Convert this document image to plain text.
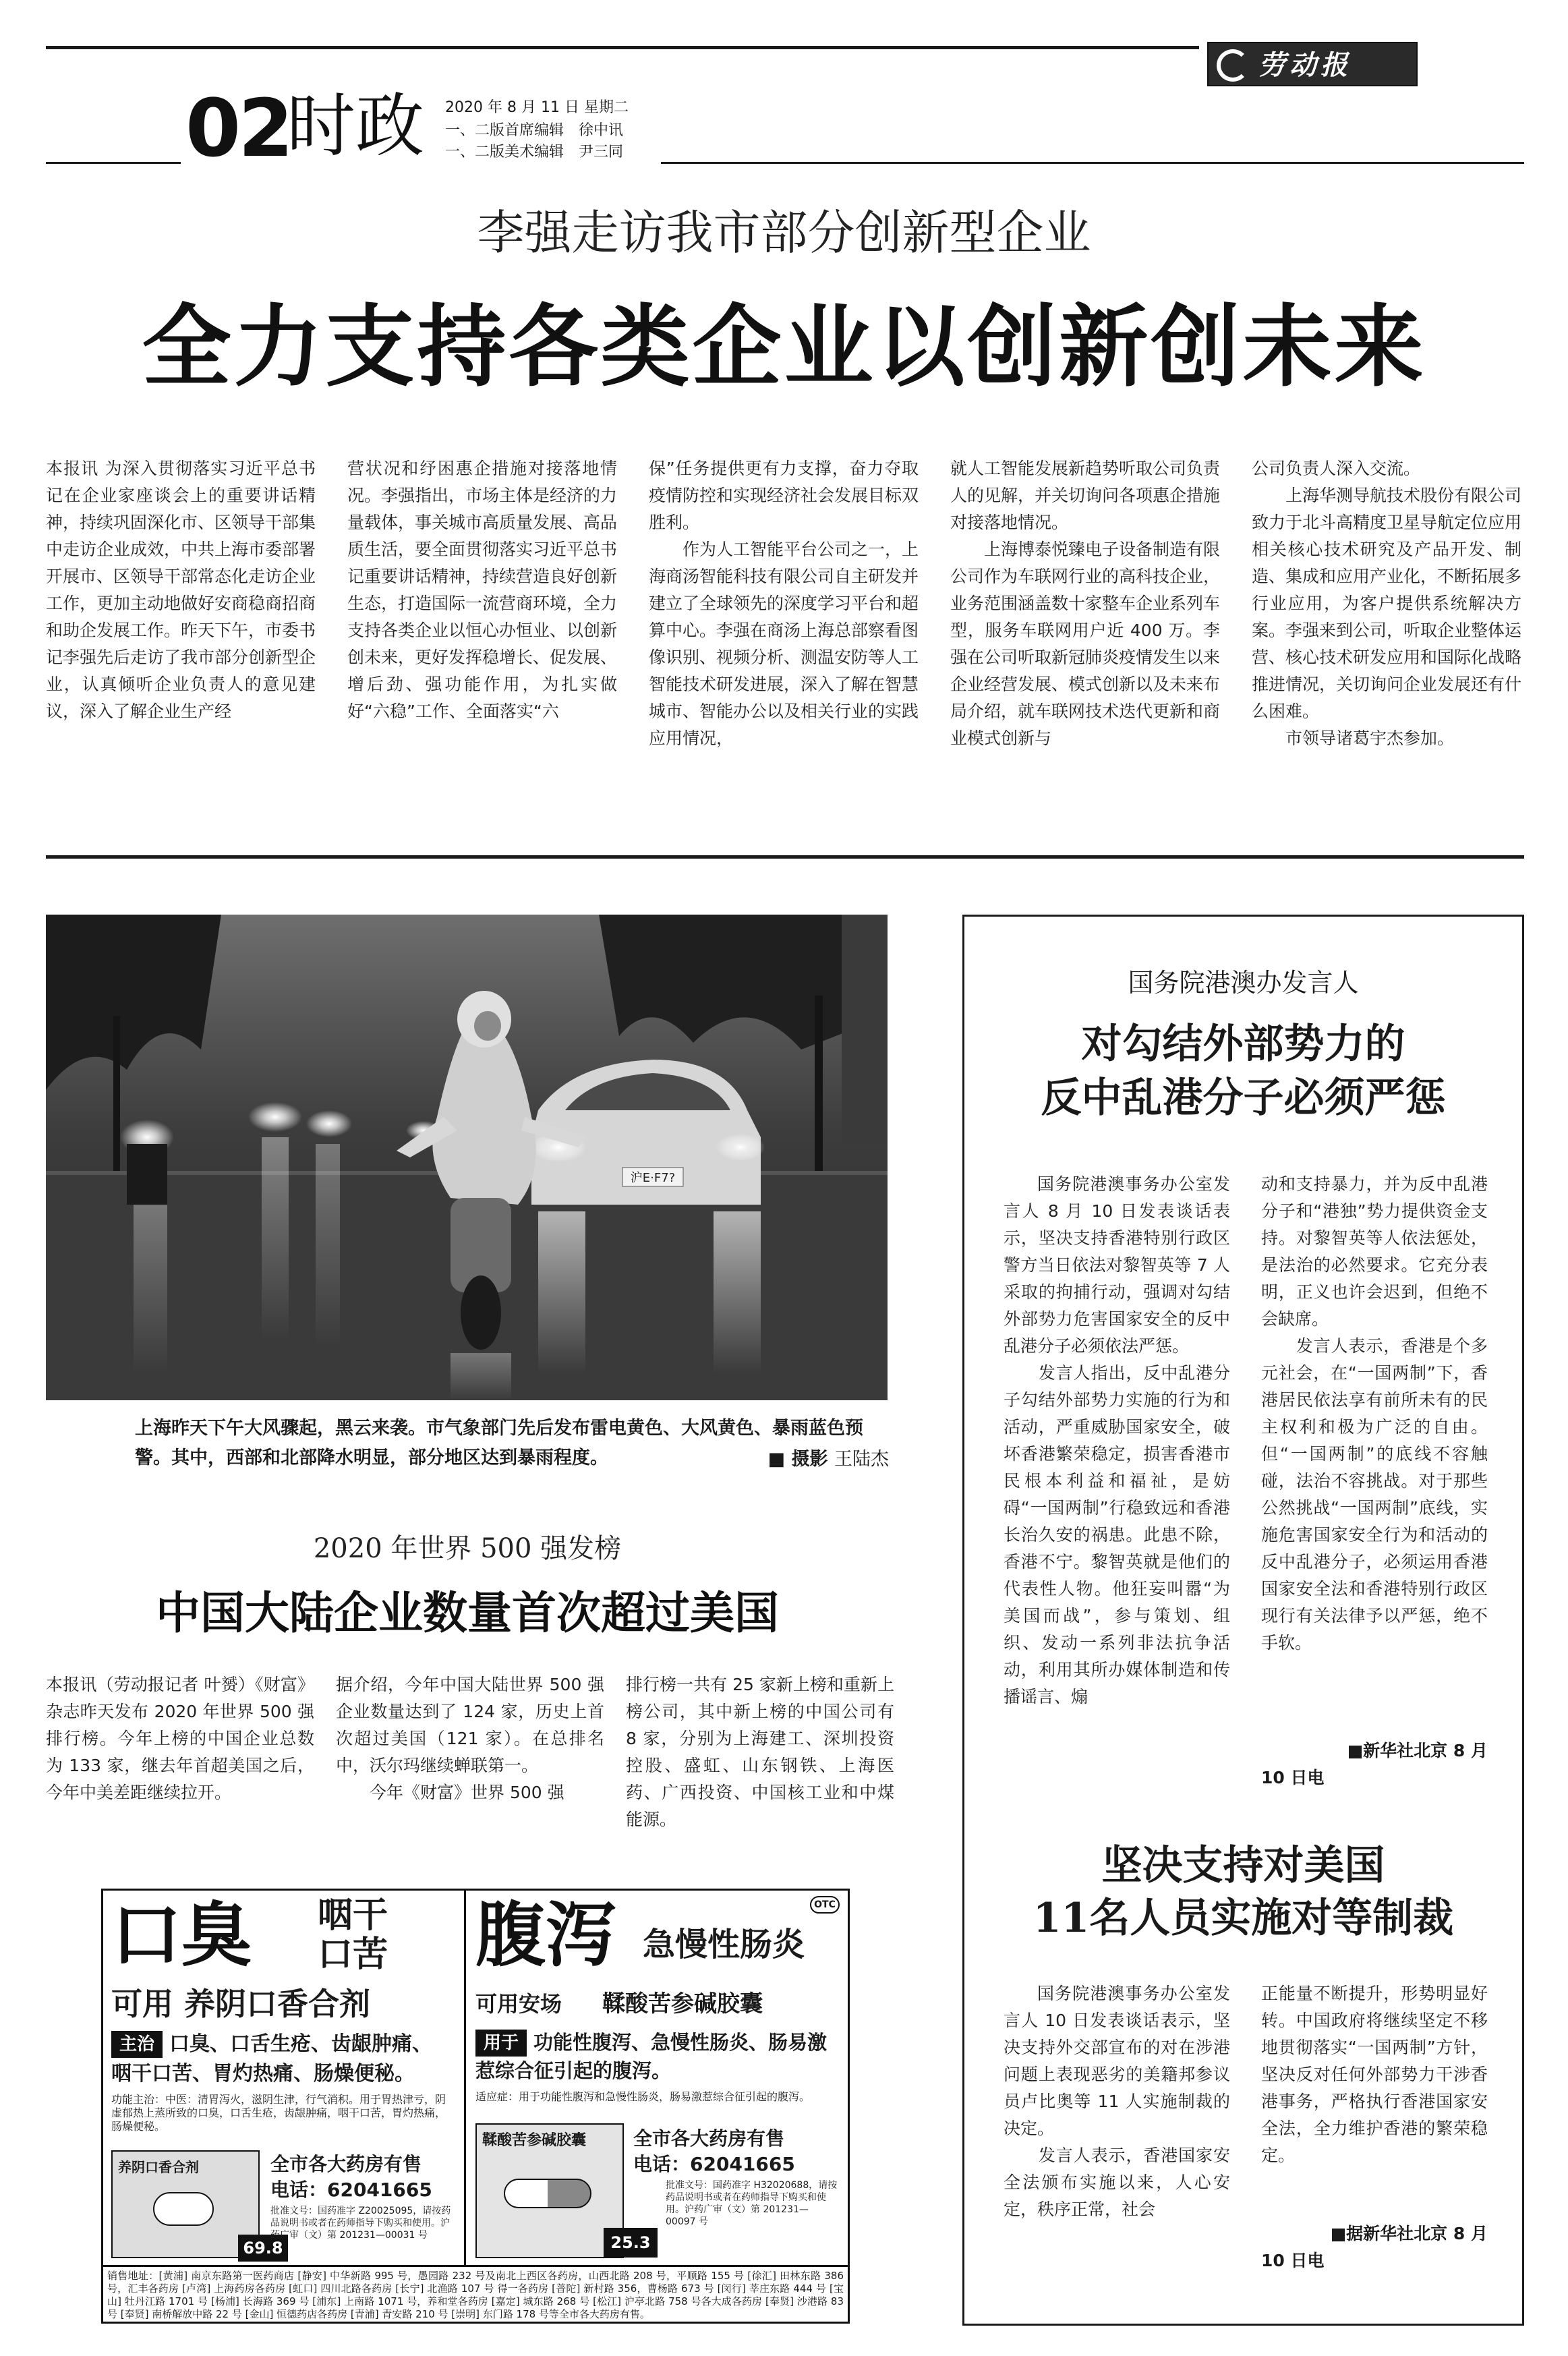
劳动报
02
时政 2020 年 8 月 11 日 星期二
一、二版首席编辑　徐中讯
一、二版美术编辑　尹三同
李强走访我市部分创新型企业
全力支持各类企业以创新创未来
本报讯 为深入贯彻落实习近平总书记在企业家座谈会上的重要讲话精神，持续巩固深化市、区领导干部集中走访企业成效，中共上海市委部署开展市、区领导干部常态化走访企业工作，更加主动地做好安商稳商招商和助企发展工作。昨天下午，市委书记李强先后走访了我市部分创新型企业，认真倾听企业负责人的意见建议，深入了解企业生产经
营状况和纾困惠企措施对接落地情况。李强指出，市场主体是经济的力量载体，事关城市高质量发展、高品质生活，要全面贯彻落实习近平总书记重要讲话精神，持续营造良好创新生态，打造国际一流营商环境，全力支持各类企业以恒心办恒业、以创新创未来，更好发挥稳增长、促发展、增后劲、强功能作用，为扎实做好“六稳”工作、全面落实“六
保”任务提供更有力支撑，奋力夺取疫情防控和实现经济社会发展目标双胜利。
　　作为人工智能平台公司之一，上海商汤智能科技有限公司自主研发并建立了全球领先的深度学习平台和超算中心。李强在商汤上海总部察看图像识别、视频分析、测温安防等人工智能技术研发进展，深入了解在智慧城市、智能办公以及相关行业的实践应用情况，
就人工智能发展新趋势听取公司负责人的见解，并关切询问各项惠企措施对接落地情况。
　　上海博泰悦臻电子设备制造有限公司作为车联网行业的高科技企业，业务范围涵盖数十家整车企业系列车型，服务车联网用户近 400 万。李强在公司听取新冠肺炎疫情发生以来企业经营发展、模式创新以及未来布局介绍，就车联网技术迭代更新和商业模式创新与
公司负责人深入交流。
　　上海华测导航技术股份有限公司致力于北斗高精度卫星导航定位应用相关核心技术研究及产品开发、制造、集成和应用产业化，不断拓展多行业应用，为客户提供系统解决方案。李强来到公司，听取企业整体运营、核心技术研发应用和国际化战略推进情况，关切询问企业发展还有什么困难。
　　市领导诸葛宇杰参加。
沪E·F7?
上海昨天下午大风骤起，黑云来袭。市气象部门先后发布雷电黄色、大风黄色、暴雨蓝色预警。其中，西部和北部降水明显，部分地区达到暴雨程度。	■ 摄影 王陆杰
2020 年世界 500 强发榜
中国大陆企业数量首次超过美国
本报讯（劳动报记者 叶赟）《财富》杂志昨天发布 2020 年世界 500 强排行榜。今年上榜的中国企业总数为 133 家，继去年首超美国之后，今年中美差距继续拉开。
据介绍，今年中国大陆世界 500 强企业数量达到了 124 家，历史上首次超过美国（121 家）。在总排名中，沃尔玛继续蝉联第一。
　　今年《财富》世界 500 强
排行榜一共有 25 家新上榜和重新上榜公司，其中新上榜的中国公司有 8 家，分别为上海建工、深圳投资控股、盛虹、山东钢铁、上海医药、广西投资、中国核工业和中煤能源。
口臭 咽干
口苦
可用 养阴口香合剂
主治 口臭、口舌生疮、齿龈肿痛、咽干口苦、胃灼热痛、肠燥便秘。
功能主治：中医：清胃泻火，滋阴生津，行气消积。用于胃热津亏，阴虚郁热上蒸所致的口臭，口舌生疮，齿龈肿痛，咽干口苦，胃灼热痛，肠燥便秘。
养阴口香合剂
69.8
全市各大药房有售
电话：62041665
批准文号：国药准字 Z20025095，请按药品说明书或者在药师指导下购买和使用。沪药广审（文）第 201231—00031 号
腹泻 急慢性肠炎
OTC
可用安场	鞣酸苦参碱胶囊
用于 功能性腹泻、急慢性肠炎、肠易激惹综合征引起的腹泻。
适应症：用于功能性腹泻和急慢性肠炎，肠易激惹综合征引起的腹泻。
鞣酸苦参碱胶囊
25.3
全市各大药房有售
电话：62041665
批准文号：国药准字 H32020688，请按药品说明书或者在药师指导下购买和使用。沪药广审（文）第 201231—00097 号
销售地址：[黄浦] 南京东路第一医药商店 [静安] 中华新路 995 号，愚园路 232 号及南北上西区各药房，山西北路 208 号，平顺路 155 号 [徐汇] 田林东路 386 号，汇丰各药房 [卢湾] 上海药房各药房 [虹口] 四川北路各药房 [长宁] 北渔路 107 号 得一各药房 [普陀] 新村路 356，曹杨路 673 号 [闵行] 莘庄东路 444 号 [宝山] 牡丹江路 1701 号 [杨浦] 长海路 369 号 [浦东] 上南路 1071 号，养和堂各药房 [嘉定] 城东路 268 号 [松江] 沪亭北路 758 号各大成各药房 [奉贤] 沙港路 83 号 [奉贤] 南桥解放中路 22 号 [金山] 恒德药店各药房 [青浦] 青安路 210 号 [崇明] 东门路 178 号等全市各大药房有售。
国务院港澳办发言人
对勾结外部势力的
反中乱港分子必须严惩
国务院港澳事务办公室发言人 8 月 10 日发表谈话表示，坚决支持香港特别行政区警方当日依法对黎智英等 7 人采取的拘捕行动，强调对勾结外部势力危害国家安全的反中乱港分子必须依法严惩。
　　发言人指出，反中乱港分子勾结外部势力实施的行为和活动，严重威胁国家安全，破坏香港繁荣稳定，损害香港市民根本利益和福祉，是妨碍“一国两制”行稳致远和香港长治久安的祸患。此患不除，香港不宁。黎智英就是他们的代表性人物。他狂妄叫嚣“为美国而战”，参与策划、组织、发动一系列非法抗争活动，利用其所办媒体制造和传播谣言、煽
动和支持暴力，并为反中乱港分子和“港独”势力提供资金支持。对黎智英等人依法惩处，是法治的必然要求。它充分表明，正义也许会迟到，但绝不会缺席。
　　发言人表示，香港是个多元社会，在“一国两制”下，香港居民依法享有前所未有的民主权利和极为广泛的自由。但“一国两制”的底线不容触碰，法治不容挑战。对于那些公然挑战“一国两制”底线，实施危害国家安全行为和活动的反中乱港分子，必须运用香港国家安全法和香港特别行政区现行有关法律予以严惩，绝不手软。
■新华社北京 8 月
10 日电
坚决支持对美国
11名人员实施对等制裁
国务院港澳事务办公室发言人 10 日发表谈话表示，坚决支持外交部宣布的对在涉港问题上表现恶劣的美籍邦参议员卢比奥等 11 人实施制裁的决定。
　　发言人表示，香港国家安全法颁布实施以来，人心安定，秩序正常，社会
正能量不断提升，形势明显好转。中国政府将继续坚定不移地贯彻落实“一国两制”方针，坚决反对任何外部势力干涉香港事务，严格执行香港国家安全法，全力维护香港的繁荣稳定。
■据新华社北京 8 月
10 日电
